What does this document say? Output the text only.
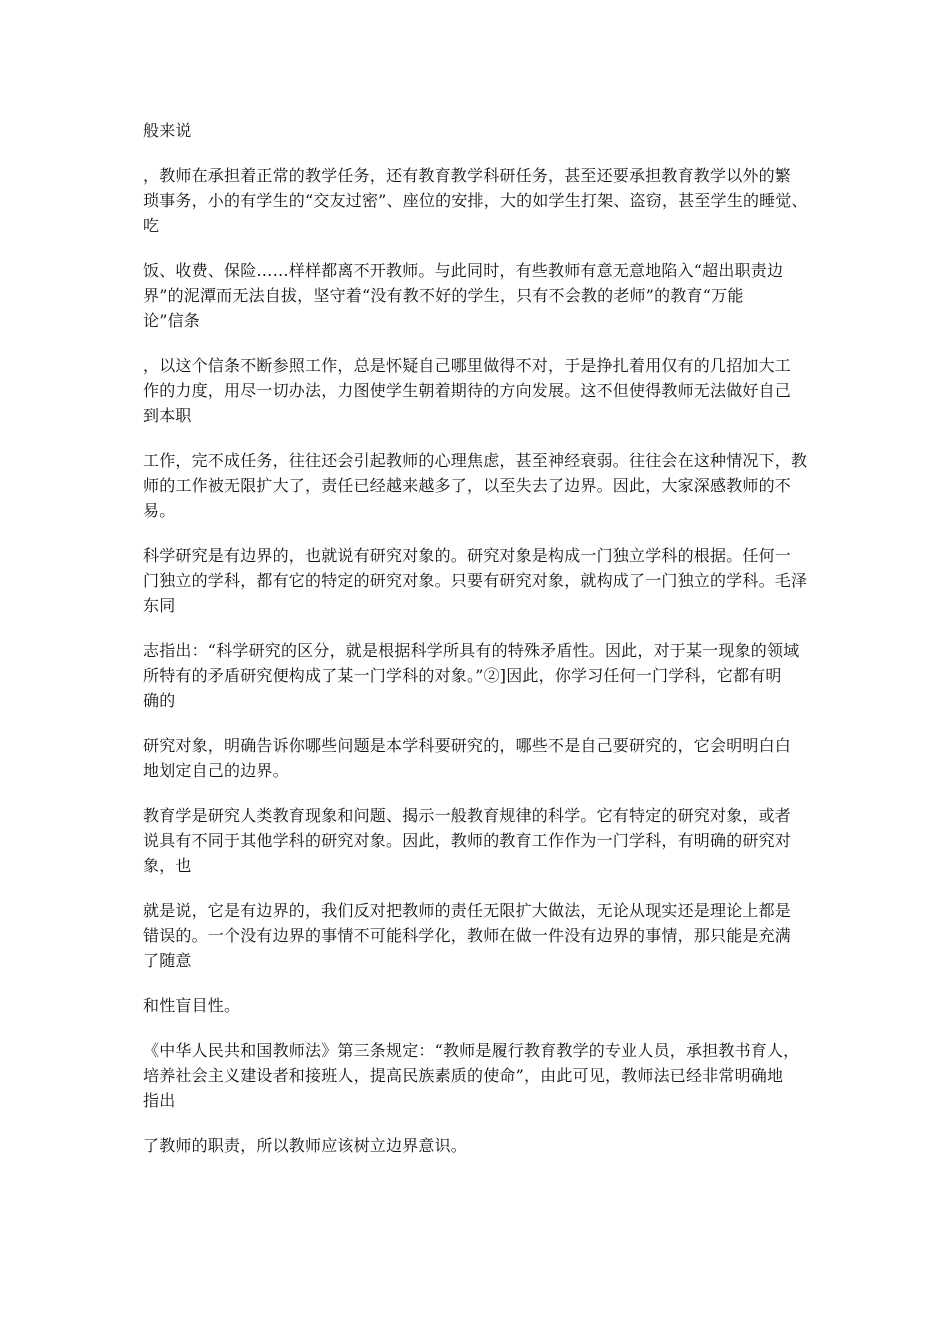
般来说

，教师在承担着正常的教学任务，还有教育教学科研任务，甚至还要承担教育教学以外的繁
琐事务，小的有学生的“交友过密”、座位的安排，大的如学生打架、盗窃，甚至学生的睡觉、
吃

饭、收费、保险……样样都离不开教师。与此同时，有些教师有意无意地陷入“超出职责边
界”的泥潭而无法自拔，坚守着“没有教不好的学生，只有不会教的老师”的教育“万能
论”信条

，以这个信条不断参照工作，总是怀疑自己哪里做得不对，于是挣扎着用仅有的几招加大工
作的力度，用尽一切办法，力图使学生朝着期待的方向发展。这不但使得教师无法做好自己
到本职

工作，完不成任务，往往还会引起教师的心理焦虑，甚至神经衰弱。往往会在这种情况下，教
师的工作被无限扩大了，责任已经越来越多了，以至失去了边界。因此，大家深感教师的不易。

科学研究是有边界的，也就说有研究对象的。研究对象是构成一门独立学科的根据。任何一
门独立的学科，都有它的特定的研究对象。只要有研究对象，就构成了一门独立的学科。毛泽
东同

志指出：“科学研究的区分，就是根据科学所具有的特殊矛盾性。因此，对于某一现象的领域
所特有的矛盾研究便构成了某一门学科的对象。”②]因此，你学习任何一门学科，它都有明
确的

研究对象，明确告诉你哪些问题是本学科要研究的，哪些不是自己要研究的，它会明明白白
地划定自己的边界。

教育学是研究人类教育现象和问题、揭示一般教育规律的科学。它有特定的研究对象，或者
说具有不同于其他学科的研究对象。因此，教师的教育工作作为一门学科，有明确的研究对
象，也

就是说，它是有边界的，我们反对把教师的责任无限扩大做法，无论从现实还是理论上都是
错误的。一个没有边界的事情不可能科学化，教师在做一件没有边界的事情，那只能是充满
了随意

和性盲目性。

《中华人民共和国教师法》第三条规定：“教师是履行教育教学的专业人员，承担教书育人，
培养社会主义建设者和接班人，提高民族素质的使命”，由此可见，教师法已经非常明确地
指出

了教师的职责，所以教师应该树立边界意识。
